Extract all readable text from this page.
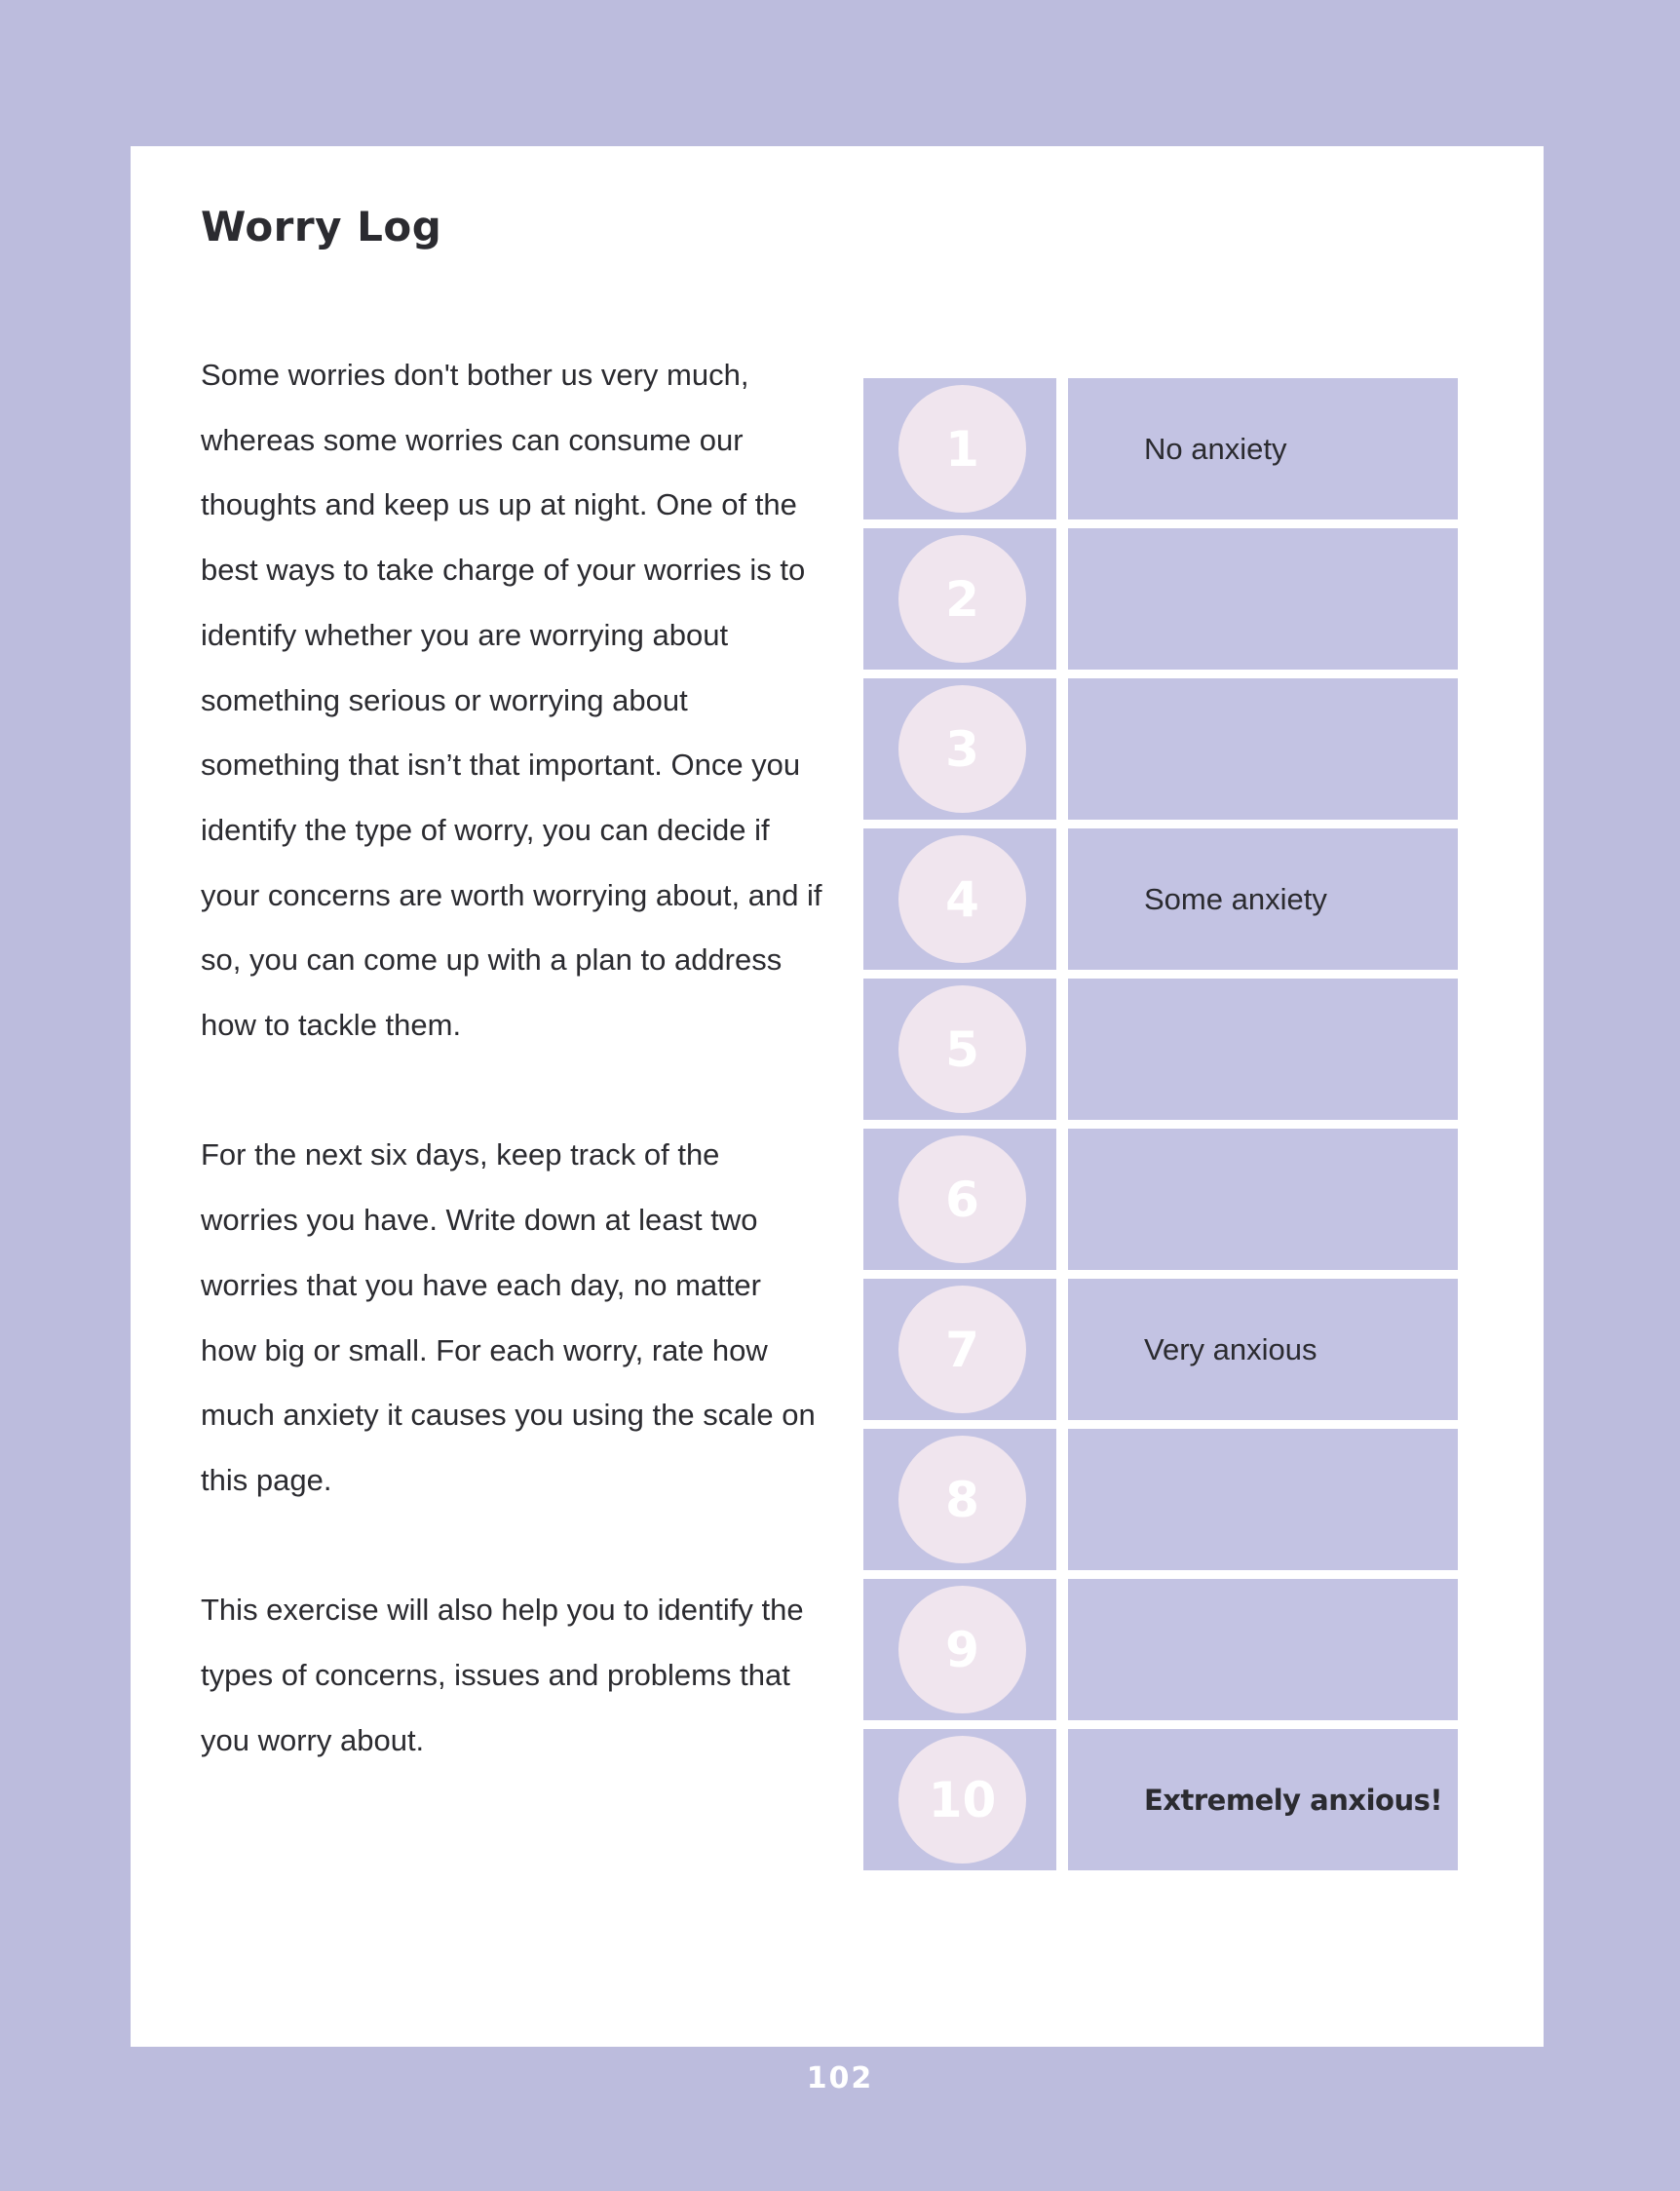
Worry Log

Some worries don't bother us very much, whereas some worries can consume our thoughts and keep us up at night. One of the best ways to take charge of your worries is to identify whether you are worrying about something serious or worrying about something that isn’t that important. Once you identify the type of worry, you can decide if your concerns are worth worrying about, and if so, you can come up with a plan to address how to tackle them.

For the next six days, keep track of the worries you have. Write down at least two worries that you have each day, no matter how big or small. For each worry, rate how much anxiety it causes you using the scale on this page.

This exercise will also help you to identify the types of concerns, issues and problems that you worry about.

1	No anxiety
2
3
4	Some anxiety
5
6
7	Very anxious
8
9
10	Extremely anxious!
102
